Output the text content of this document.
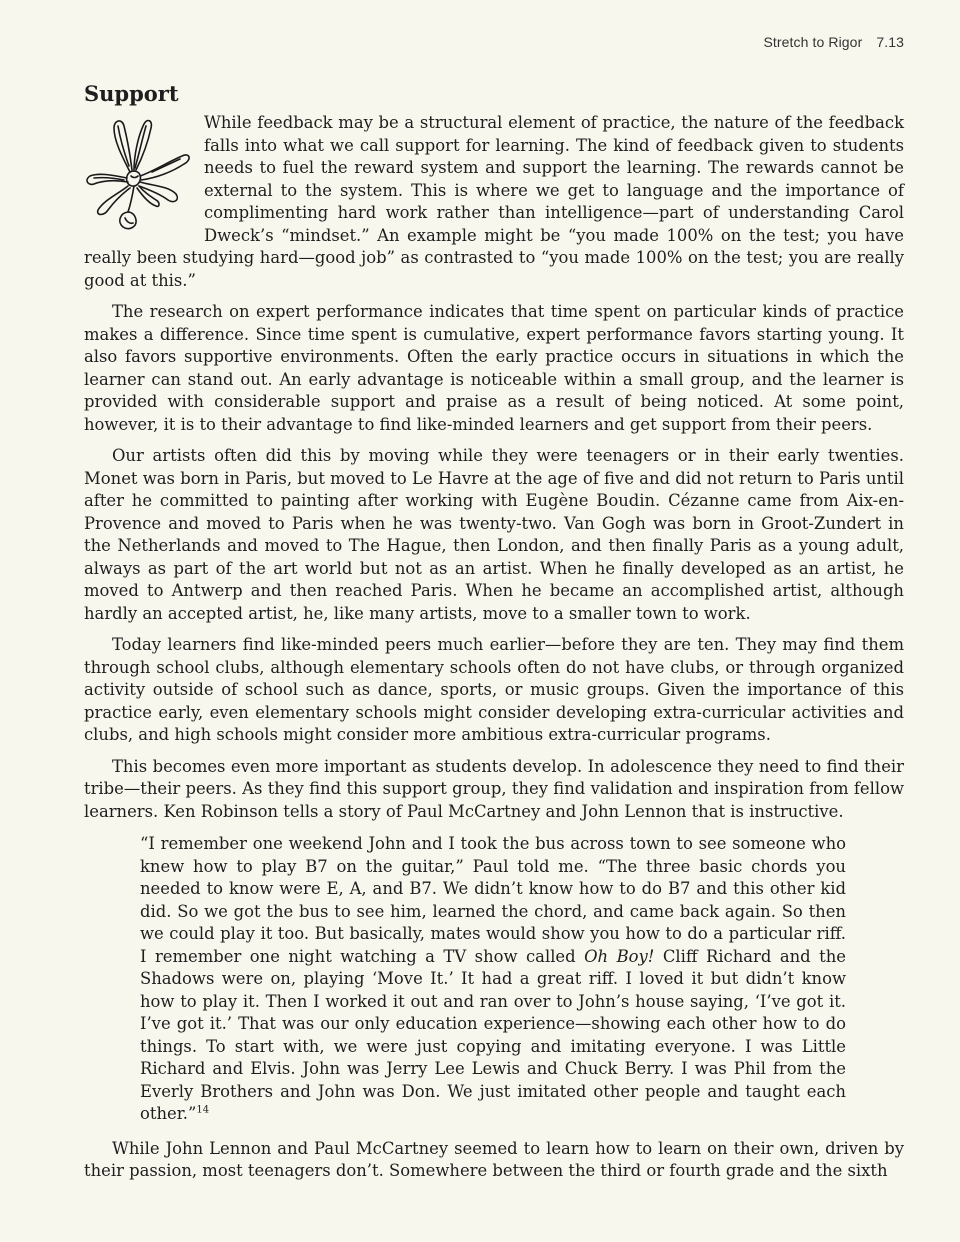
Stretch to Rigor 7.13
Support

While feedback may be a structural element of practice, the nature of the feedback falls into what we call support for learning. The kind of feedback given to students needs to fuel the reward system and support the learning. The rewards cannot be external to the system. This is where we get to language and the importance of complimenting hard work rather than intelligence—part of understanding Carol Dweck’s “mindset.” An example might be “you made 100% on the test; you have really been studying hard—good job” as contrasted to “you made 100% on the test; you are really good at this.”

The research on expert performance indicates that time spent on particular kinds of practice makes a difference. Since time spent is cumulative, expert performance favors starting young. It also favors supportive environments. Often the early practice occurs in situations in which the learner can stand out. An early advantage is noticeable within a small group, and the learner is provided with considerable support and praise as a result of being noticed. At some point, however, it is to their advantage to find like-minded learners and get support from their peers.

Our artists often did this by moving while they were teenagers or in their early twenties. Monet was born in Paris, but moved to Le Havre at the age of five and did not return to Paris until after he committed to painting after working with Eugène Boudin. Cézanne came from Aix-en-Provence and moved to Paris when he was twenty-two. Van Gogh was born in Groot-Zundert in the Netherlands and moved to The Hague, then London, and then finally Paris as a young adult, always as part of the art world but not as an artist. When he finally developed as an artist, he moved to Antwerp and then reached Paris. When he became an accomplished artist, although hardly an accepted artist, he, like many artists, move to a smaller town to work.

Today learners find like-minded peers much earlier—before they are ten. They may find them through school clubs, although elementary schools often do not have clubs, or through organized activity outside of school such as dance, sports, or music groups. Given the importance of this practice early, even elementary schools might consider developing extra-curricular activities and clubs, and high schools might consider more ambitious extra-curricular programs.

This becomes even more important as students develop. In adolescence they need to find their tribe—their peers. As they find this support group, they find validation and inspiration from fellow learners. Ken Robinson tells a story of Paul McCartney and John Lennon that is instructive.

“I remember one weekend John and I took the bus across town to see someone who knew how to play B7 on the guitar,” Paul told me. “The three basic chords you needed to know were E, A, and B7. We didn’t know how to do B7 and this other kid did. So we got the bus to see him, learned the chord, and came back again. So then we could play it too. But basically, mates would show you how to do a particular riff. I remember one night watching a TV show called Oh Boy! Cliff Richard and the Shadows were on, playing ‘Move It.’ It had a great riff. I loved it but didn’t know how to play it. Then I worked it out and ran over to John’s house saying, ‘I’ve got it. I’ve got it.’ That was our only education experience—showing each other how to do things. To start with, we were just copying and imitating everyone. I was Little Richard and Elvis. John was Jerry Lee Lewis and Chuck Berry. I was Phil from the Everly Brothers and John was Don. We just imitated other people and taught each other.”$^{14}$

While John Lennon and Paul McCartney seemed to learn how to learn on their own, driven by their passion, most teenagers don’t. Somewhere between the third or fourth grade and the sixth
